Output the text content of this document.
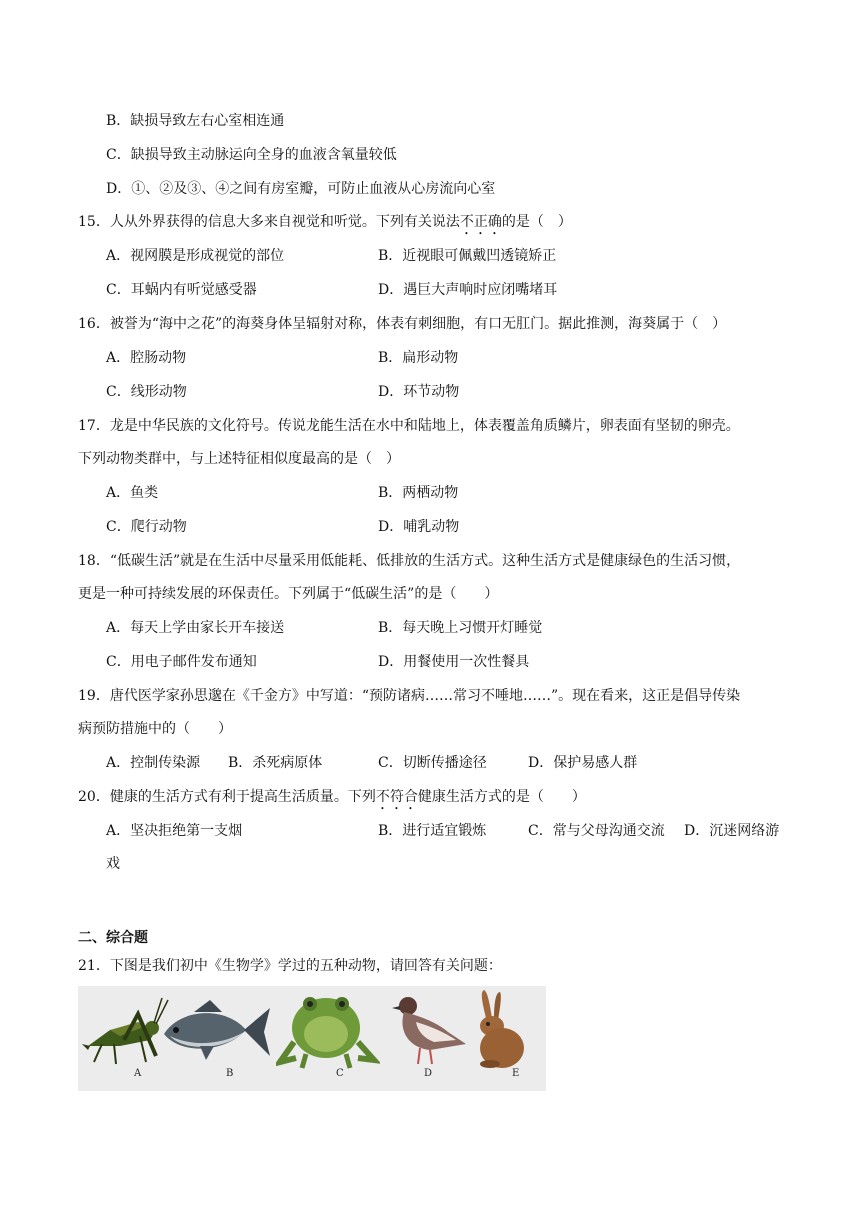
B．缺损导致左右心室相连通
C．缺损导致主动脉运向全身的血液含氧量较低
D．①、②及③、④之间有房室瓣，可防止血液从心房流向心室
15．人从外界获得的信息大多来自视觉和听觉。下列有关说法不正确的是（　）
A．视网膜是形成视觉的部位	B．近视眼可佩戴凹透镜矫正
C．耳蜗内有听觉感受器	D．遇巨大声响时应闭嘴堵耳
16．被誉为“海中之花”的海葵身体呈辐射对称，体表有刺细胞，有口无肛门。据此推测，海葵属于（　）
A．腔肠动物	B．扁形动物
C．线形动物	D．环节动物
17．龙是中华民族的文化符号。传说龙能生活在水中和陆地上，体表覆盖角质鳞片，卵表面有坚韧的卵壳。
下列动物类群中，与上述特征相似度最高的是（　）
A．鱼类	B．两栖动物
C．爬行动物	D．哺乳动物
18．“低碳生活”就是在生活中尽量采用低能耗、低排放的生活方式。这种生活方式是健康绿色的生活习惯，
更是一种可持续发展的环保责任。下列属于“低碳生活”的是（　　）
A．每天上学由家长开车接送	B．每天晚上习惯开灯睡觉
C．用电子邮件发布通知	D．用餐使用一次性餐具
19．唐代医学家孙思邈在《千金方》中写道：“预防诸病……常习不唾地……”。现在看来，这正是倡导传染
病预防措施中的（　　）
A．控制传染源 B．杀死病原体	C．切断传播途径	D．保护易感人群
20．健康的生活方式有利于提高生活质量。下列不符合健康生活方式的是（　　）
A．坚决拒绝第一支烟	B．进行适宜锻炼	C．常与父母沟通交流 D．沉迷网络游
戏
二、综合题
21．下图是我们初中《生物学》学过的五种动物，请回答有关问题：
A	B	C	D	E
